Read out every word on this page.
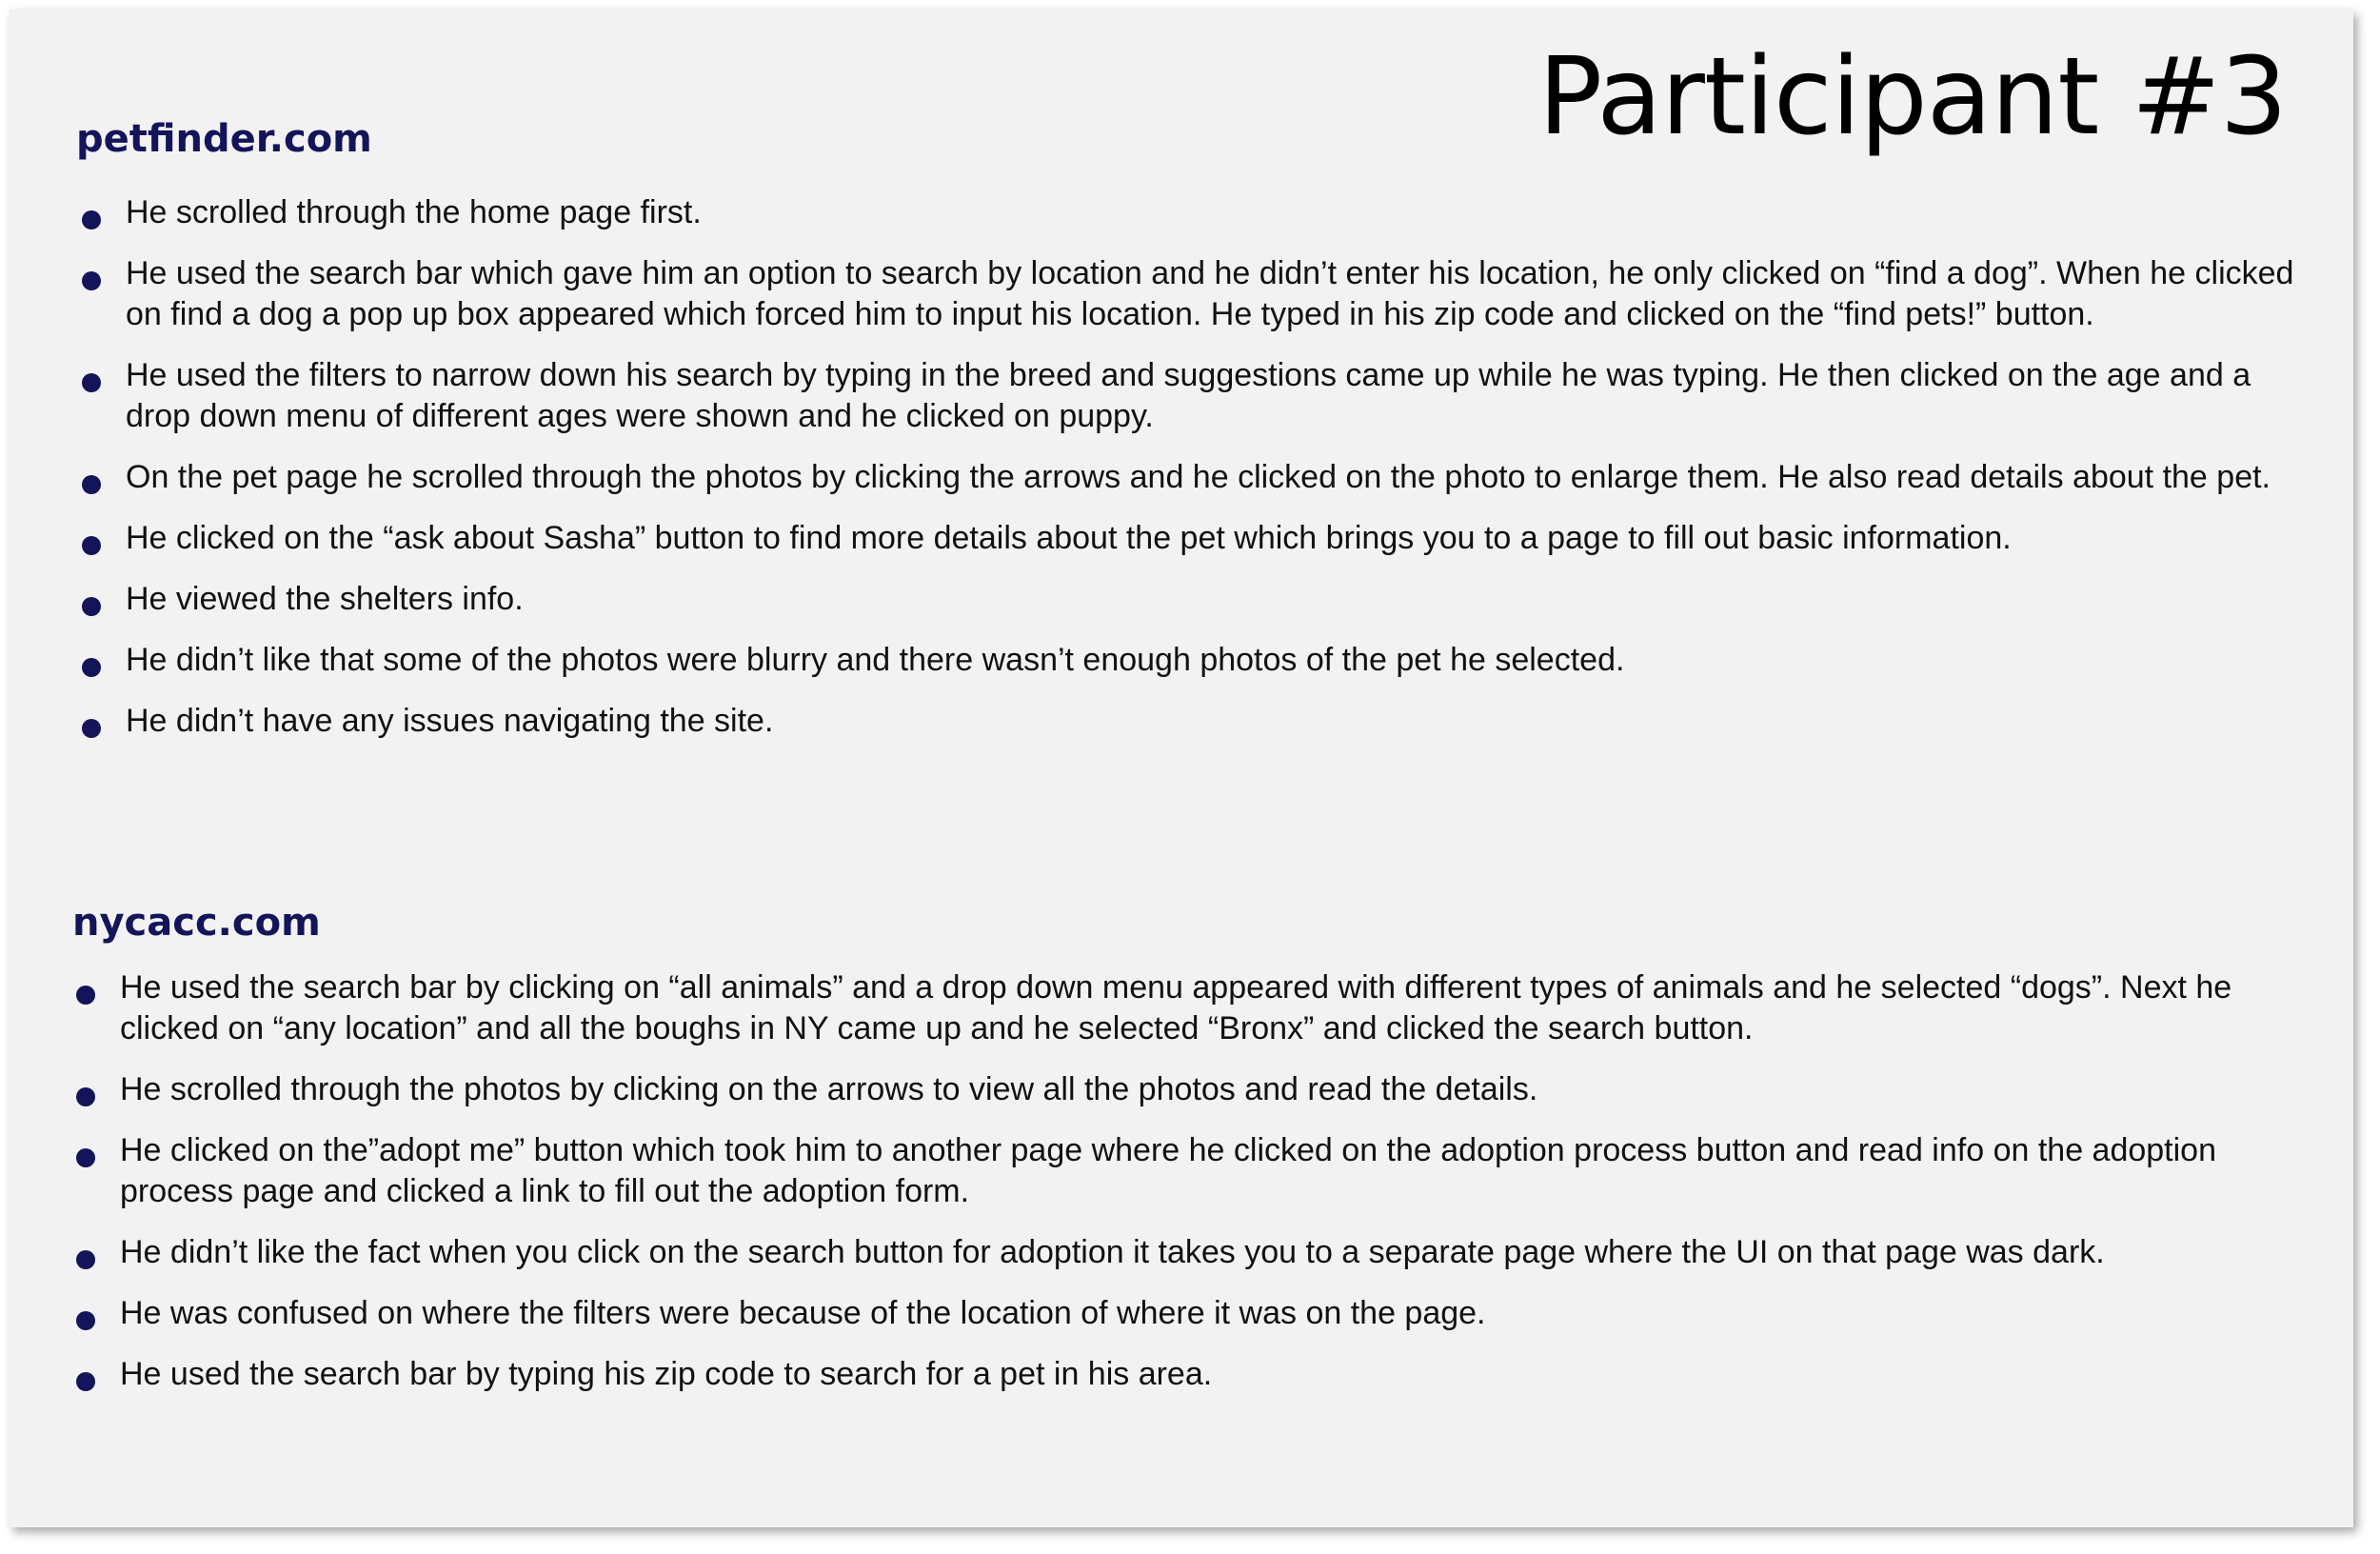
Participant #3
petfinder.com
He scrolled through the home page first.
He used the search bar which gave him an option to search by location and he didn’t enter his location, he only clicked on “find a dog”. When he clicked on find a dog a pop up box appeared which forced him to input his location. He typed in his zip code and clicked on the “find pets!” button.
He used the filters to narrow down his search by typing in the breed and suggestions came up while he was typing. He then clicked on the age and a drop down menu of different ages were shown and he clicked on puppy.
On the pet page he scrolled through the photos by clicking the arrows and he clicked on the photo to enlarge them. He also read details about the pet.
He clicked on the “ask about Sasha” button to find more details about the pet which brings you to a page to fill out basic information.
He viewed the shelters info.
He didn’t like that some of the photos were blurry and there wasn’t enough photos of the pet he selected.
He didn’t have any issues navigating the site.
nycacc.com
He used the search bar by clicking on “all animals” and a drop down menu appeared with different types of animals and he selected “dogs”. Next he clicked on “any location” and all the boughs in NY came up and he selected “Bronx” and clicked the search button.
He scrolled through the photos by clicking on the arrows to view all the photos and read the details.
He clicked on the”adopt me” button which took him to another page where he clicked on the adoption process button and read info on the adoption process page and clicked a link to fill out the adoption form.
He didn’t like the fact when you click on the search button for adoption it takes you to a separate page where the UI on that page was dark.
He was confused on where the filters were because of the location of where it was on the page.
He used the search bar by typing his zip code to search for a pet in his area.
